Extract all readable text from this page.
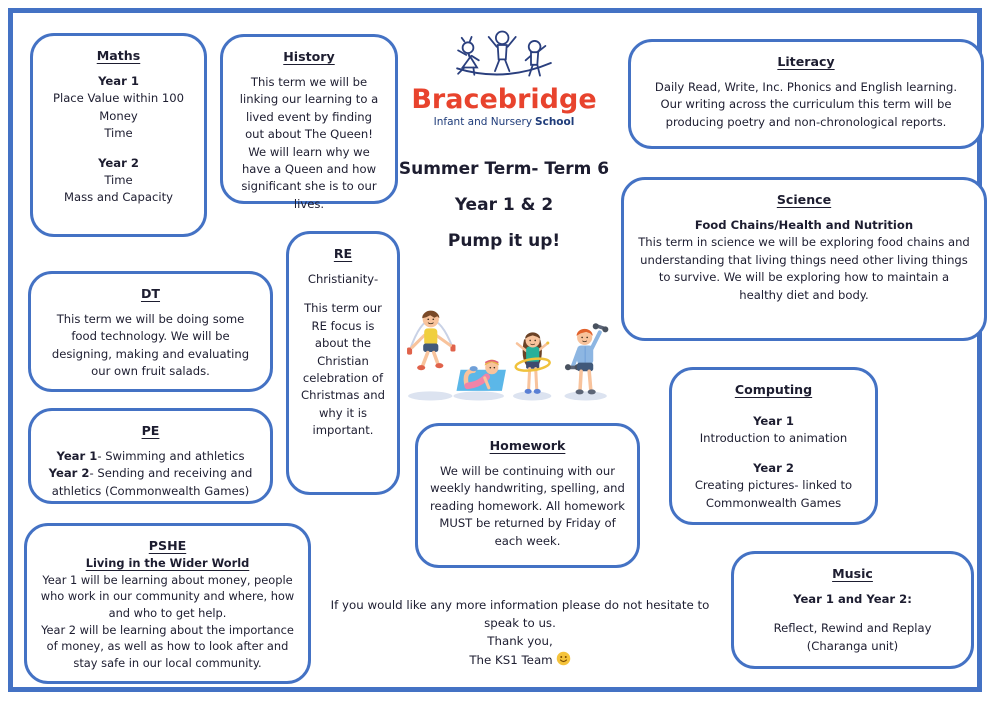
Maths
Year 1
Place Value within 100
Money
Time
Year 2
Time
Mass and Capacity
History
This term we will be linking our learning to a lived event by finding out about The Queen! We will learn why we have a Queen and how significant she is to our lives.
Bracebridge
Infant and Nursery School
Summer Term- Term 6
Year 1 & 2
Pump it up!
Literacy
Daily Read, Write, Inc. Phonics and English learning. Our writing across the curriculum this term will be producing poetry and non-chronological reports.
Science
Food Chains/Health and Nutrition
This term in science we will be exploring food chains and understanding that living things need other living things to survive. We will be exploring how to maintain a healthy diet and body.
DT
This term we will be doing some food technology. We will be designing, making and evaluating our own fruit salads.
RE
Christianity-
This term our RE focus is about the Christian celebration of Christmas and why it is important.
PE
Year 1- Swimming and athletics
Year 2- Sending and receiving and athletics (Commonwealth Games)
Computing
Year 1
Introduction to animation
Year 2
Creating pictures- linked to Commonwealth Games
Homework
We will be continuing with our weekly handwriting, spelling, and reading homework. All homework MUST be returned by Friday of each week.
PSHE
Living in the Wider World
Year 1 will be learning about money, people who work in our community and where, how and who to get help.
Year 2 will be learning about the importance of money, as well as how to look after and stay safe in our local community.
Music
Year 1 and Year 2:
Reflect, Rewind and Replay (Charanga unit)
If you would like any more information please do not hesitate to
speak to us.
Thank you,
The KS1 Team
